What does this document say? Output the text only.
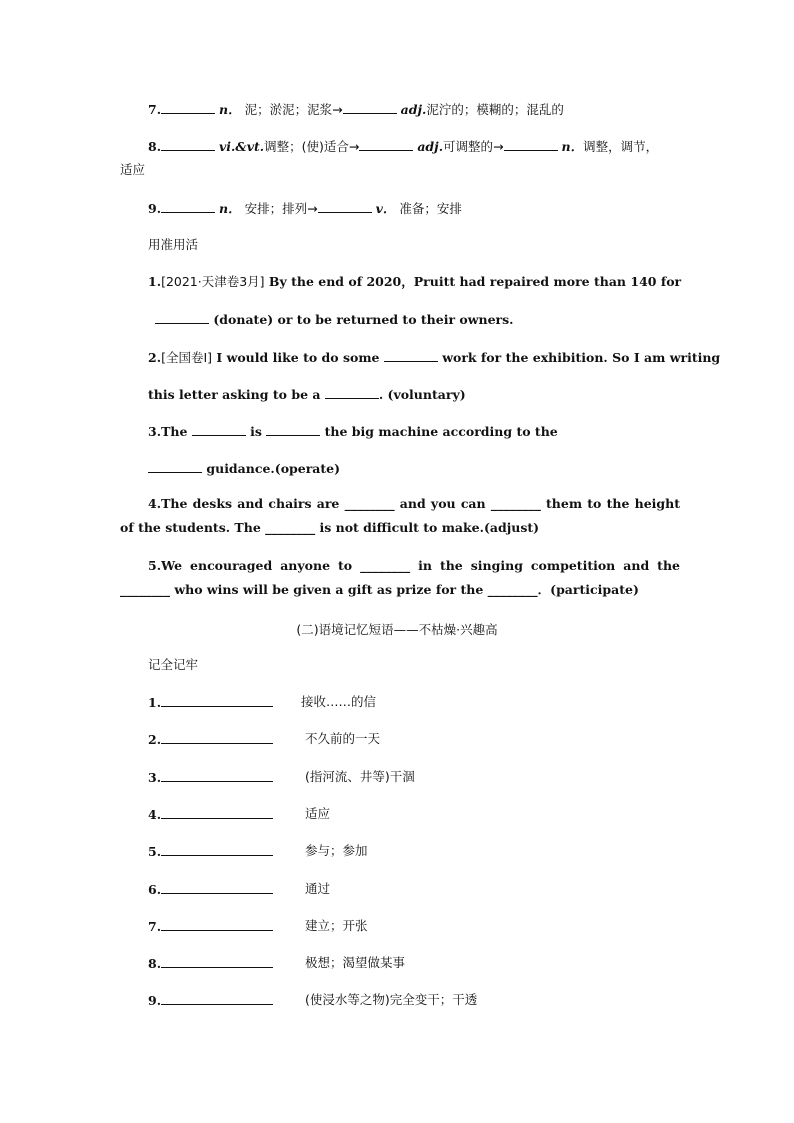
7.	n． 泥；淤泥；泥浆→	adj.泥泞的；模糊的；混乱的
8.	vi.&vt.调整；(使)适合→	adj.可调整的→	n．调整，调节，
适应
9.	n． 安排；排列→	v． 准备；安排
用准用活
1.[2021·天津卷3月] By the end of 2020，Pruitt had repaired more than 140 for
(donate) or to be returned to their owners.
2.[全国卷Ⅰ] I would like to do some	work for the exhibition. So I am writing
this letter asking to be a	. (voluntary)
3.The	is	the big machine according to the
guidance.(operate)
4.The desks and chairs are ________ and you can ________ them to the height of the students. The ________ is not difficult to make.(adjust)
5.We encouraged anyone to ________ in the singing competition and the ________ who wins will be given a gift as prize for the ________．(participate)
(二)语境记忆短语——不枯燥·兴趣高
记全记牢
1.	接收……的信
2.	不久前的一天
3.	(指河流、井等)干涸
4.	适应
5.	参与；参加
6.	通过
7.	建立；开张
8.	极想；渴望做某事
9.	(使浸水等之物)完全变干；干透
